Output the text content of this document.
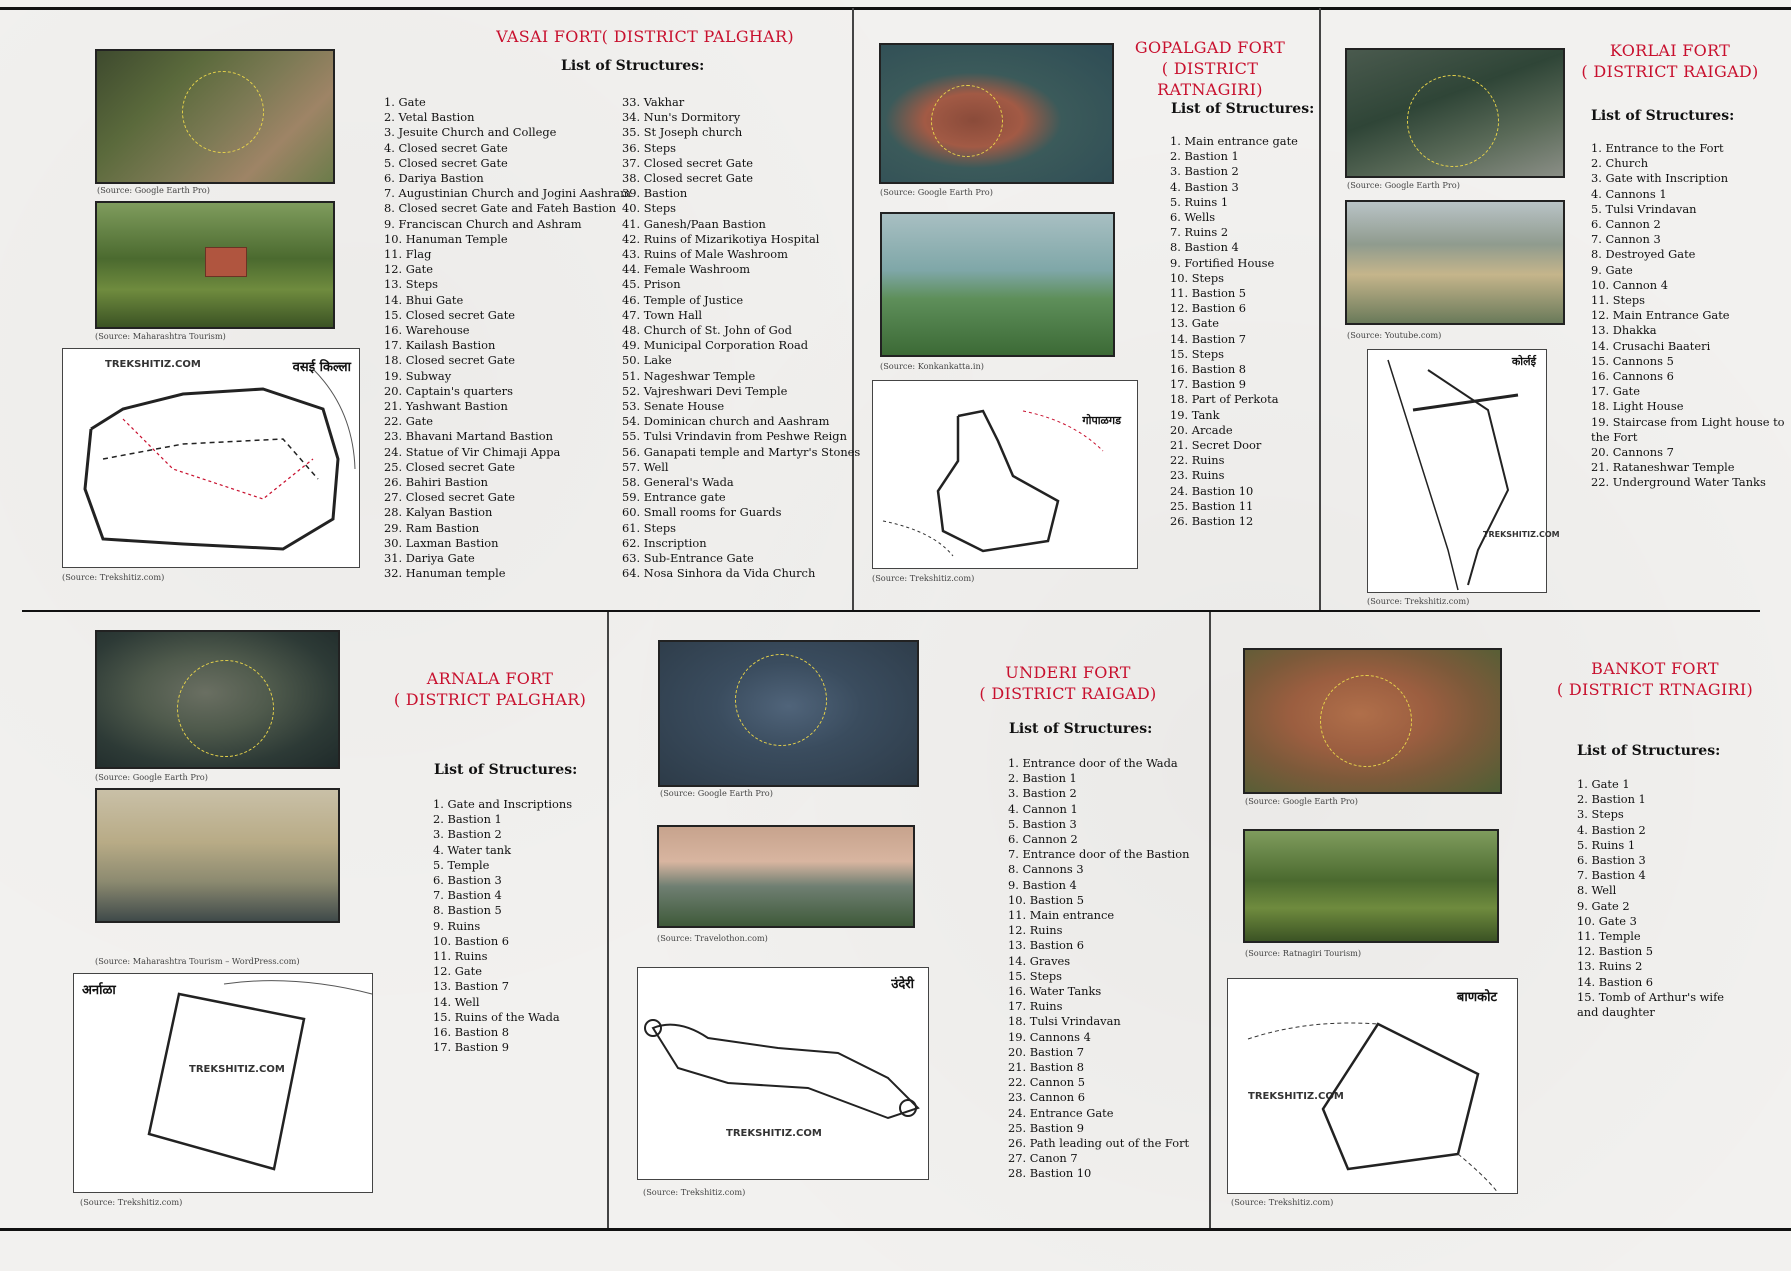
VASAI FORT( DISTRICT PALGHAR)
List of Structures:
1. Gate
2. Vetal Bastion
3. Jesuite Church and College
4. Closed secret Gate
5. Closed secret Gate
6. Dariya Bastion
7. Augustinian Church and Jogini Aashram
8. Closed secret Gate and Fateh Bastion
9. Franciscan Church and Ashram
10. Hanuman Temple
11. Flag
12. Gate
13. Steps
14. Bhui Gate
15. Closed secret Gate
16. Warehouse
17. Kailash Bastion
18. Closed secret Gate
19. Subway
20. Captain's quarters
21. Yashwant Bastion
22. Gate
23. Bhavani Martand Bastion
24. Statue of Vir Chimaji Appa
25. Closed secret Gate
26. Bahiri Bastion
27. Closed secret Gate
28. Kalyan Bastion
29. Ram Bastion
30. Laxman Bastion
31. Dariya Gate
32. Hanuman temple
33. Vakhar
34. Nun's Dormitory
35. St Joseph church
36. Steps
37. Closed secret Gate
38. Closed secret Gate
39. Bastion
40. Steps
41. Ganesh/Paan Bastion
42. Ruins of Mizarikotiya Hospital
43. Ruins of Male Washroom
44. Female Washroom
45. Prison
46. Temple of Justice
47. Town Hall
48. Church of St. John of God
49. Municipal Corporation Road
50. Lake
51. Nageshwar Temple
52. Vajreshwari Devi Temple
53. Senate House
54. Dominican church and Aashram
55. Tulsi Vrindavin from Peshwe Reign
56. Ganapati temple and Martyr's Stones
57. Well
58. General's Wada
59. Entrance gate
60. Small rooms for Guards
61. Steps
62. Inscription
63. Sub-Entrance Gate
64. Nosa Sinhora da Vida Church
(Source: Google Earth Pro)
(Source: Maharashtra Tourism)
TREKSHITIZ.COM	वसई किल्ला
(Source: Trekshitiz.com)
GOPALGAD FORT
( DISTRICT RATNAGIRI)
List of Structures:
1. Main entrance gate
2. Bastion 1
3. Bastion 2
4. Bastion 3
5. Ruins 1
6. Wells
7. Ruins 2
8. Bastion 4
9. Fortified House
10. Steps
11. Bastion 5
12. Bastion 6
13. Gate
14. Bastion 7
15. Steps
16. Bastion 8
17. Bastion 9
18. Part of Perkota
19. Tank
20. Arcade
21. Secret Door
22. Ruins
23. Ruins
24. Bastion 10
25. Bastion 11
26. Bastion 12
(Source: Google Earth Pro)
(Source: Konkankatta.in)
गोपाळगड
(Source: Trekshitiz.com)
KORLAI FORT
( DISTRICT RAIGAD)
List of Structures:
1. Entrance to the Fort
2. Church
3. Gate with Inscription
4. Cannons 1
5. Tulsi Vrindavan
6. Cannon 2
7. Cannon 3
8. Destroyed Gate
9. Gate
10. Cannon 4
11. Steps
12. Main Entrance Gate
13. Dhakka
14. Crusachi Baateri
15. Cannons 5
16. Cannons 6
17. Gate
18. Light House
19. Staircase from Light house to
the Fort
20. Cannons 7
21. Rataneshwar Temple
22. Underground Water Tanks
(Source: Google Earth Pro)
(Source: Youtube.com)
कोर्लई
TREKSHITIZ.COM
(Source: Trekshitiz.com)
ARNALA FORT
( DISTRICT PALGHAR)
List of Structures:
1. Gate and Inscriptions
2. Bastion 1
3. Bastion 2
4. Water tank
5. Temple
6. Bastion 3
7. Bastion 4
8. Bastion 5
9. Ruins
10. Bastion 6
11. Ruins
12. Gate
13. Bastion 7
14. Well
15. Ruins of the Wada
16. Bastion 8
17. Bastion 9
(Source: Google Earth Pro)
(Source: Maharashtra Tourism – WordPress.com)
अर्नाळा
TREKSHITIZ.COM
(Source: Trekshitiz.com)
UNDERI FORT
( DISTRICT RAIGAD)
List of Structures:
1. Entrance door of the Wada
2. Bastion 1
3. Bastion 2
4. Cannon 1
5. Bastion 3
6. Cannon 2
7. Entrance door of the Bastion
8. Cannons 3
9. Bastion 4
10. Bastion 5
11. Main entrance
12. Ruins
13. Bastion 6
14. Graves
15. Steps
16. Water Tanks
17. Ruins
18. Tulsi Vrindavan
19. Cannons 4
20. Bastion 7
21. Bastion 8
22. Cannon 5
23. Cannon 6
24. Entrance Gate
25. Bastion 9
26. Path leading out of the Fort
27. Canon 7
28. Bastion 10
(Source: Google Earth Pro)
(Source: Travelothon.com)
उंदेरी
TREKSHITIZ.COM
(Source: Trekshitiz.com)
BANKOT FORT
( DISTRICT RTNAGIRI)
List of Structures:
1. Gate 1
2. Bastion 1
3. Steps
4. Bastion 2
5. Ruins 1
6. Bastion 3
7. Bastion 4
8. Well
9. Gate 2
10. Gate 3
11. Temple
12. Bastion 5
13. Ruins 2
14. Bastion 6
15. Tomb of Arthur's wife
and daughter
(Source: Google Earth Pro)
(Source: Ratnagiri Tourism)
बाणकोट
TREKSHITIZ.COM
(Source: Trekshitiz.com)
